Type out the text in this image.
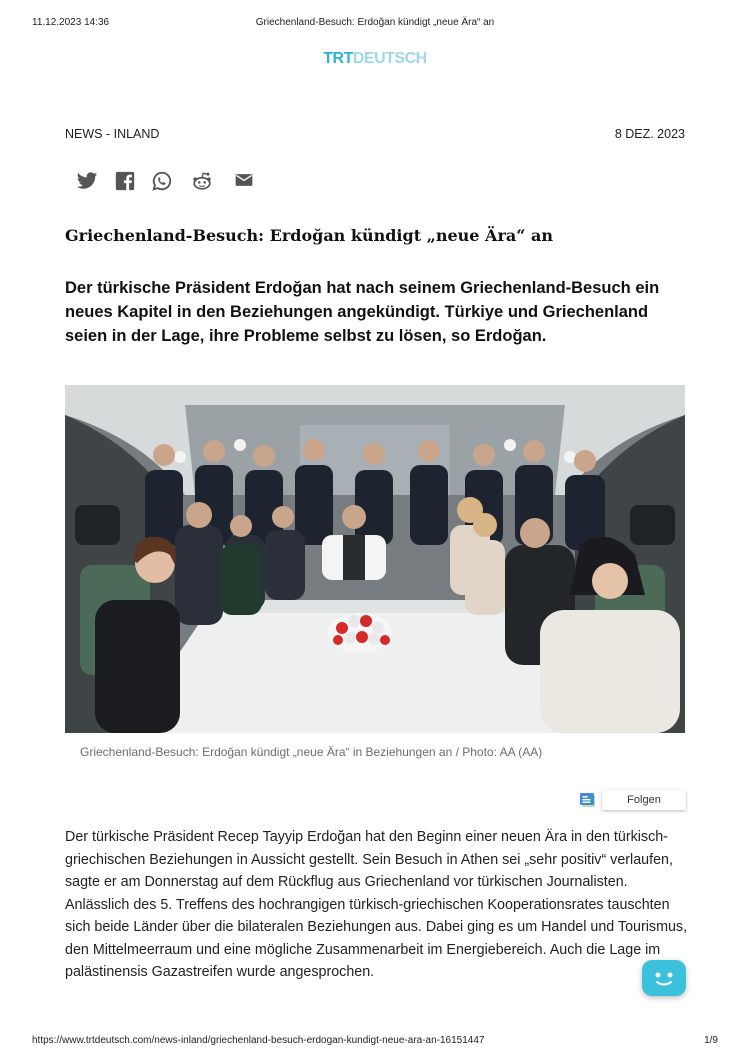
11.12.2023 14:36	Griechenland-Besuch: Erdoğan kündigt „neue Ära“ an
TRTDEUTSCH
NEWS - INLAND	8 DEZ. 2023
Griechenland-Besuch: Erdoğan kündigt „neue Ära“ an
Der türkische Präsident Erdoğan hat nach seinem Griechenland-Besuch ein neues Kapitel in den Beziehungen angekündigt. Türkiye und Griechenland seien in der Lage, ihre Probleme selbst zu lösen, so Erdoğan.
Griechenland-Besuch: Erdoğan kündigt „neue Ära“ in Beziehungen an / Photo: AA (AA)
Folgen
Der türkische Präsident Recep Tayyip Erdoğan hat den Beginn einer neuen Ära in den türkisch-griechischen Beziehungen in Aussicht gestellt. Sein Besuch in Athen sei „sehr positiv“ verlaufen, sagte er am Donnerstag auf dem Rückflug aus Griechenland vor türkischen Journalisten. Anlässlich des 5. Treffens des hochrangigen türkisch-griechischen Kooperationsrates tauschten sich beide Länder über die bilateralen Beziehungen aus. Dabei ging es um Handel und Tourismus, den Mittelmeerraum und eine mögliche Zusammenarbeit im Energiebereich. Auch die Lage im palästinensis Gazastreifen wurde angesprochen.
https://www.trtdeutsch.com/news-inland/griechenland-besuch-erdogan-kundigt-neue-ara-an-16151447	1/9
